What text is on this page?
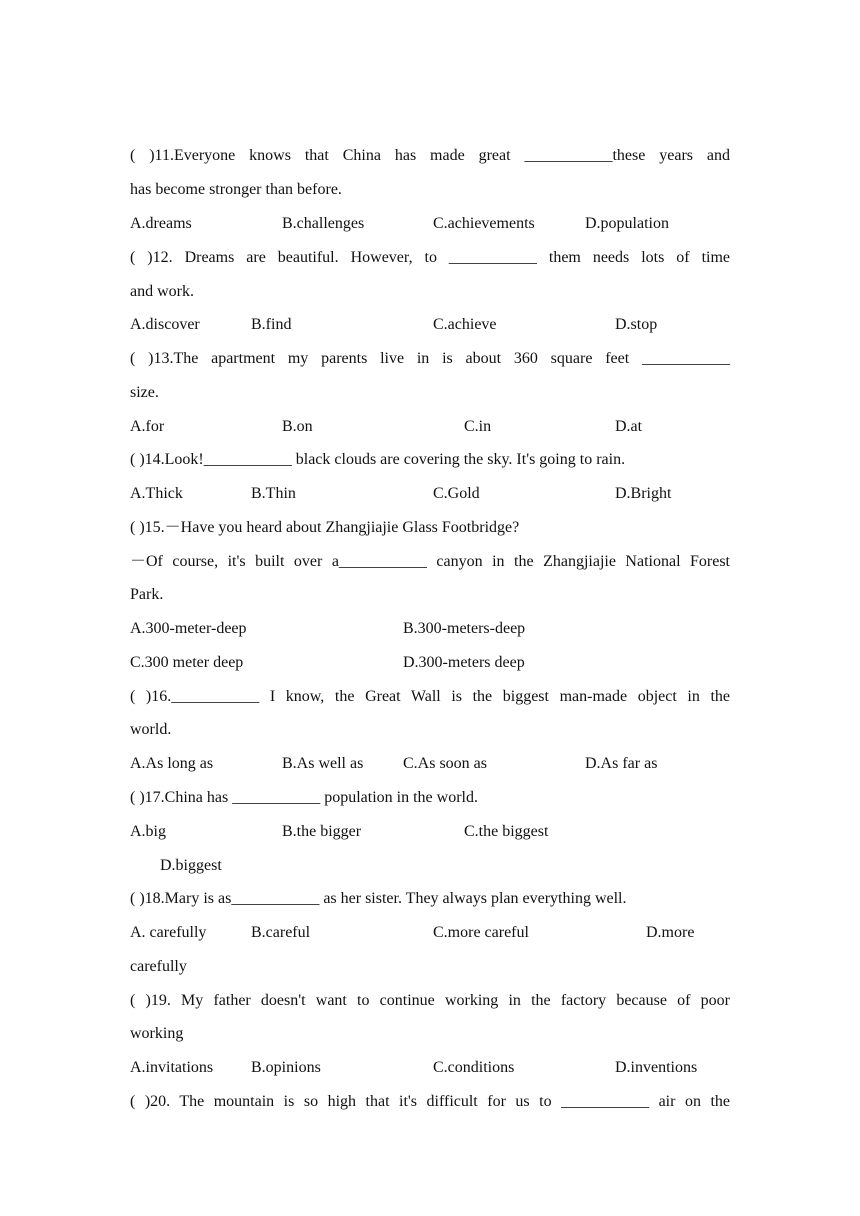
( )11.Everyone knows that China has made great ___________these years and
has become stronger than before.
A.dreams	B.challenges	C.achievements	D.population
( )12. Dreams are beautiful. However, to ___________ them needs lots of time
and work.
A.discover	B.find	C.achieve	D.stop
( )13.The apartment my parents live in is about 360 square feet ___________
size.
A.for	B.on	C.in	D.at
( )14.Look!___________ black clouds are covering the sky. It's going to rain.
A.Thick	B.Thin	C.Gold	D.Bright
( )15.－Have you heard about Zhangjiajie Glass Footbridge?
－Of course, it's built over a___________ canyon in the Zhangjiajie National Forest
Park.
A.300-meter-deep	B.300-meters-deep
C.300 meter deep	D.300-meters deep
( )16.___________ I know, the Great Wall is the biggest man-made object in the
world.
A.As long as	B.As well as C.As soon as	D.As far as
( )17.China has ___________ population in the world.
A.big	B.the bigger	C.the biggest
D.biggest
( )18.Mary is as___________ as her sister. They always plan everything well.
A. carefully	B.careful	C.more careful	D.more
carefully
( )19. My father doesn't want to continue working in the factory because of poor
working
A.invitations B.opinions	C.conditions	D.inventions
( )20. The mountain is so high that it's difficult for us to ___________ air on the
